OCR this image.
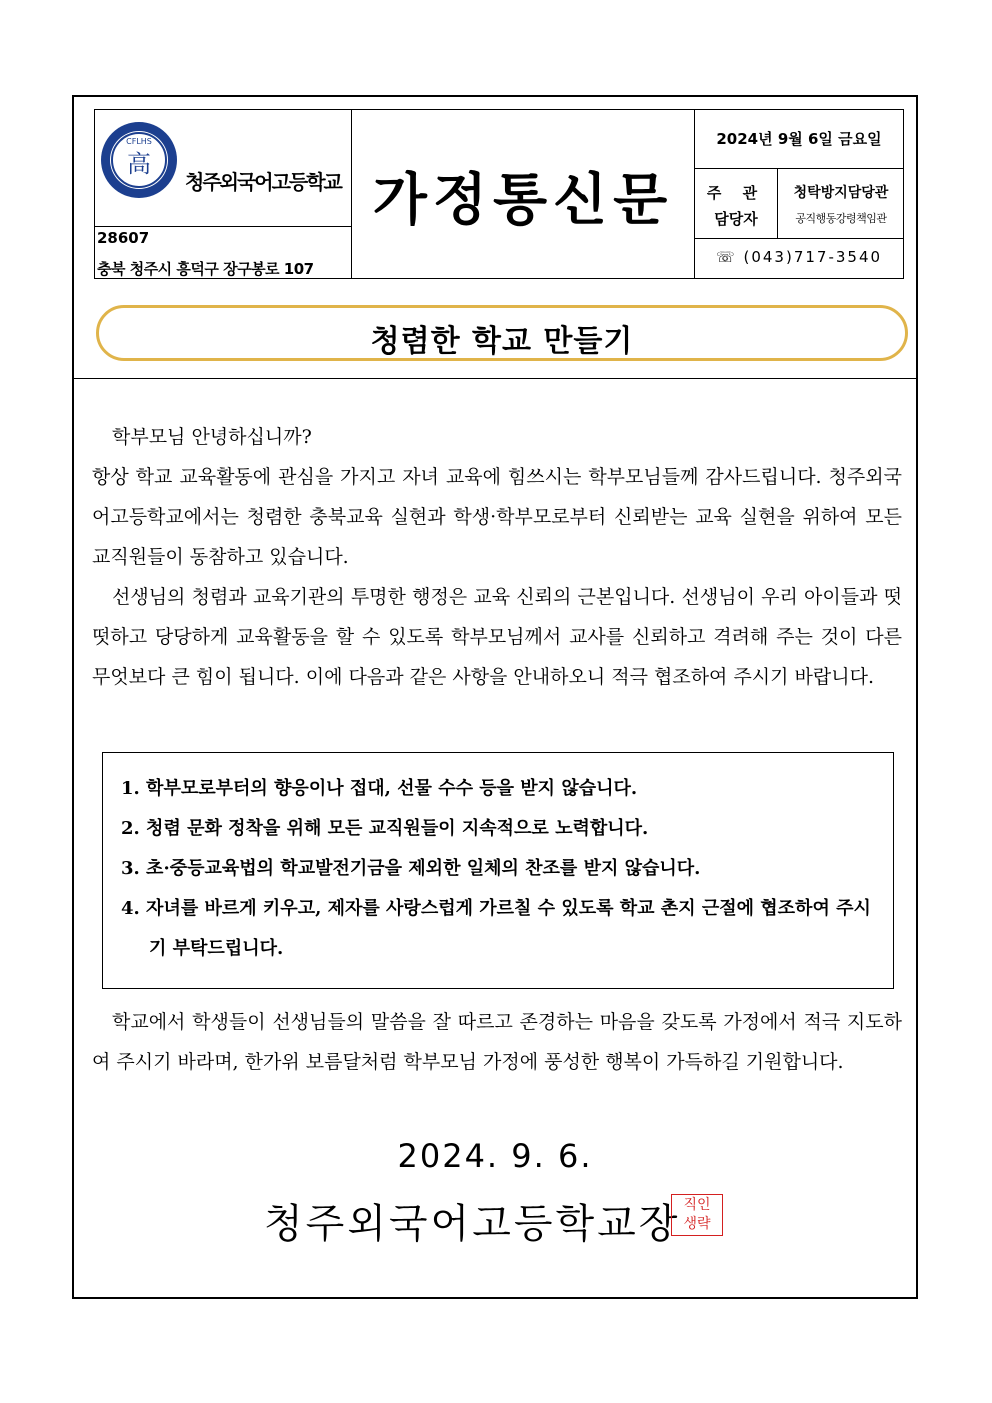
CFLHS
高
청주외국어고등학교
28607
충북 청주시 흥덕구 장구봉로 107
가정통신문
2024년 9월 6일 금요일
주 관
담당자
청탁방지담당관
공직행동강령책임관
☏ (043)717-3540
청렴한 학교 만들기

학부모님 안녕하십니까?

항상 학교 교육활동에 관심을 가지고 자녀 교육에 힘쓰시는 학부모님들께 감사드립니다. 청주외국어고등학교에서는 청렴한 충북교육 실현과 학생·학부모로부터 신뢰받는 교육 실현을 위하여 모든 교직원들이 동참하고 있습니다.

선생님의 청렴과 교육기관의 투명한 행정은 교육 신뢰의 근본입니다. 선생님이 우리 아이들과 떳떳하고 당당하게 교육활동을 할 수 있도록 학부모님께서 교사를 신뢰하고 격려해 주는 것이 다른 무엇보다 큰 힘이 됩니다. 이에 다음과 같은 사항을 안내하오니 적극 협조하여 주시기 바랍니다.

1. 학부모로부터의 향응이나 접대, 선물 수수 등을 받지 않습니다.

2. 청렴 문화 정착을 위해 모든 교직원들이 지속적으로 노력합니다.

3. 초·중등교육법의 학교발전기금을 제외한 일체의 찬조를 받지 않습니다.

4. 자녀를 바르게 키우고, 제자를 사랑스럽게 가르칠 수 있도록 학교 촌지 근절에 협조하여 주시기 부탁드립니다.

학교에서 학생들이 선생님들의 말씀을 잘 따르고 존경하는 마음을 갖도록 가정에서 적극 지도하여 주시기 바라며, 한가위 보름달처럼 학부모님 가정에 풍성한 행복이 가득하길 기원합니다.

2024. 9. 6.
청주외국어고등학교장 직인
생략
